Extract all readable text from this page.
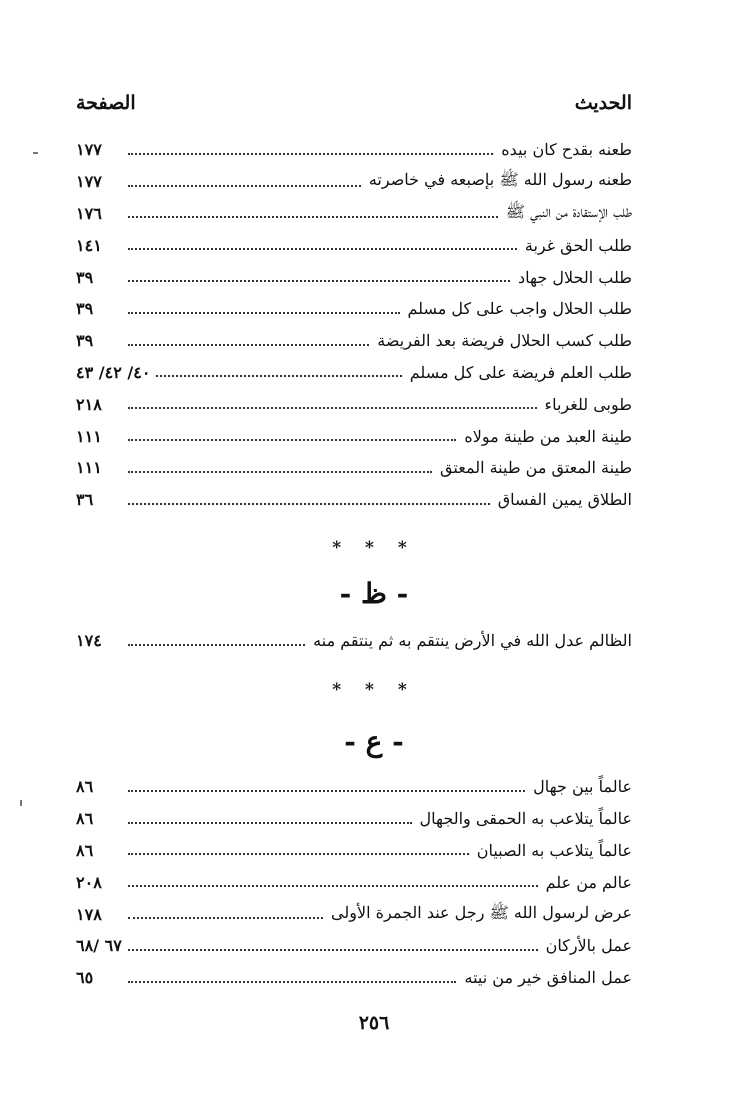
الحديث
الصفحة
طعنه بقدح كان بيده
١٧٧
طعنه رسول الله ﷺ بإصبعه في خاصرته
١٧٧
طلب الإستقادة من النبي ﷺ
١٧٦
طلب الحق غربة
١٤١
طلب الحلال جهاد
٣٩
طلب الحلال واجب على كل مسلم
٣٩
طلب كسب الحلال فريضة بعد الفريضة
٣٩
طلب العلم فريضة على كل مسلم
٤٠/ ٤٢/ ٤٣
طوبى للغرباء
٢١٨
طينة العبد من طينة مولاه
١١١
طينة المعتق من طينة المعتق
١١١
الطلاق يمين الفساق
٣٦
* * *
- ظ -
الظالم عدل الله في الأرض ينتقم به ثم ينتقم منه
١٧٤
* * *
- ع -
عالماً بين جهال
٨٦
عالماً يتلاعب به الحمقى والجهال
٨٦
عالماً يتلاعب به الصبيان
٨٦
عالم من علم
٢٠٨
عرض لرسول الله ﷺ رجل عند الجمرة الأولى
١٧٨
عمل بالأركان
٦٧ /٦٨
عمل المنافق خير من نيته
٦٥
٢٥٦
